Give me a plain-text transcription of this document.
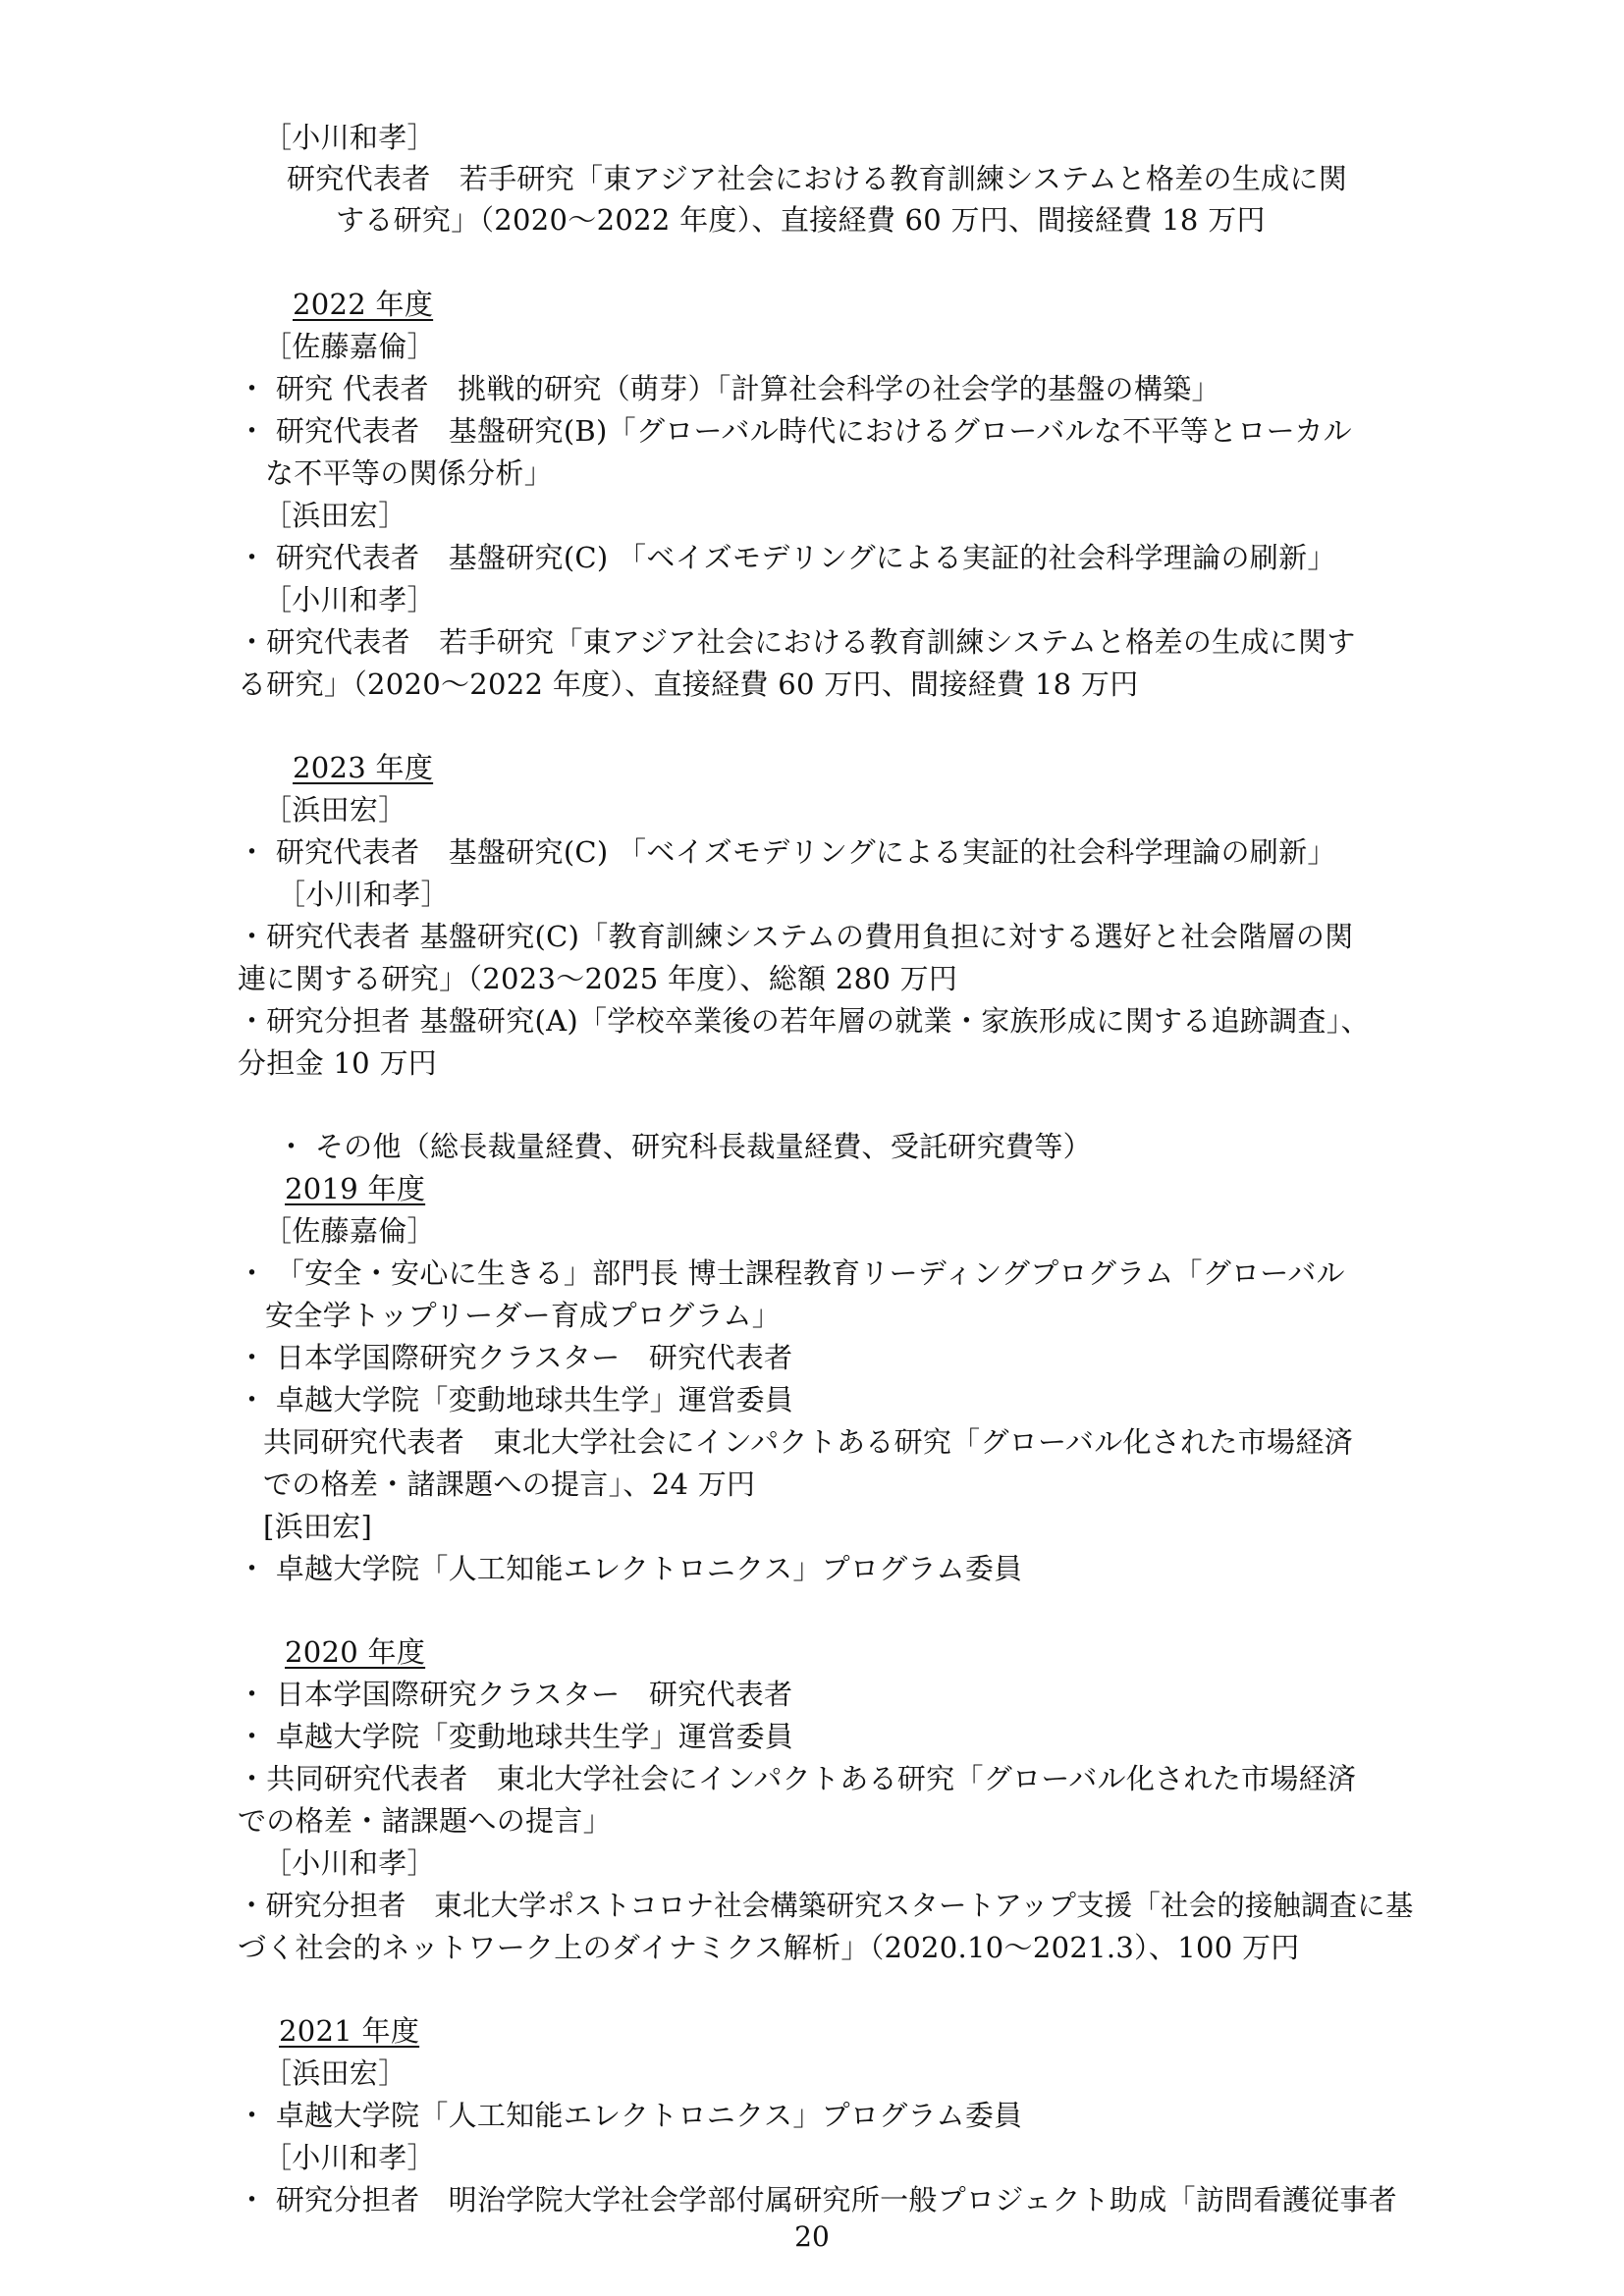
［小川和孝］
研究代表者　若手研究「東アジア社会における教育訓練システムと格差の生成に関
する研究」（2020～2022 年度）、直接経費 60 万円、間接経費 18 万円
2022 年度
［佐藤嘉倫］
・ 研究 代表者　挑戦的研究（萌芽）「計算社会科学の社会学的基盤の構築」
・ 研究代表者　基盤研究(B)「グローバル時代におけるグローバルな不平等とローカル
な不平等の関係分析」
［浜田宏］
・ 研究代表者　基盤研究(C) 「ベイズモデリングによる実証的社会科学理論の刷新」
［小川和孝］
・研究代表者　若手研究「東アジア社会における教育訓練システムと格差の生成に関す
る研究」（2020～2022 年度）、直接経費 60 万円、間接経費 18 万円
2023 年度
［浜田宏］
・ 研究代表者　基盤研究(C) 「ベイズモデリングによる実証的社会科学理論の刷新」
［小川和孝］
・研究代表者 基盤研究(C)「教育訓練システムの費用負担に対する選好と社会階層の関
連に関する研究」（2023～2025 年度）、総額 280 万円
・研究分担者 基盤研究(A)「学校卒業後の若年層の就業・家族形成に関する追跡調査」、
分担金 10 万円
・ その他（総長裁量経費、研究科長裁量経費、受託研究費等）
2019 年度
［佐藤嘉倫］
・ 「安全・安心に生きる」部門長 博士課程教育リーディングプログラム「グローバル
安全学トップリーダー育成プログラム」
・ 日本学国際研究クラスター　研究代表者
・ 卓越大学院「変動地球共生学」運営委員
共同研究代表者　東北大学社会にインパクトある研究「グローバル化された市場経済
での格差・諸課題への提言」、24 万円
[浜田宏]
・ 卓越大学院「人工知能エレクトロニクス」プログラム委員
2020 年度
・ 日本学国際研究クラスター　研究代表者
・ 卓越大学院「変動地球共生学」運営委員
・共同研究代表者　東北大学社会にインパクトある研究「グローバル化された市場経済
での格差・諸課題への提言」
［小川和孝］
・研究分担者　東北大学ポストコロナ社会構築研究スタートアップ支援「社会的接触調査に基
づく社会的ネットワーク上のダイナミクス解析」（2020.10～2021.3）、100 万円
2021 年度
［浜田宏］
・ 卓越大学院「人工知能エレクトロニクス」プログラム委員
［小川和孝］
・ 研究分担者　明治学院大学社会学部付属研究所一般プロジェクト助成「訪問看護従事者
20
